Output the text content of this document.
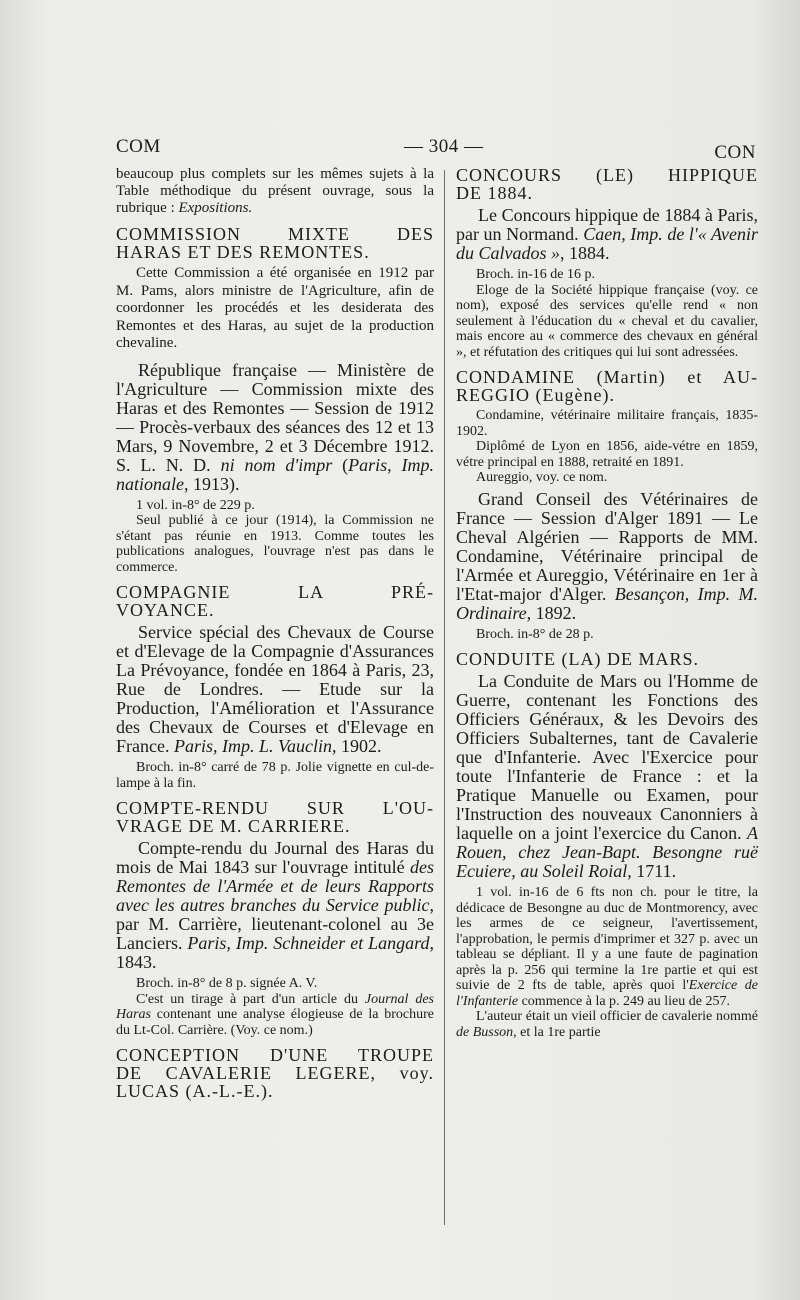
COM	— 304 —	CON

beaucoup plus complets sur les mêmes sujets à la Table méthodique du présent ouvrage, sous la rubrique : Expositions.

COMMISSION MIXTE DES

HARAS ET DES REMONTES.

Cette Commission a été organisée en 1912 par M. Pams, alors ministre de l'Agriculture, afin de coordonner les procédés et les desiderata des Remontes et des Haras, au sujet de la production chevaline.

République française — Ministère de l'Agriculture — Commission mixte des Haras et des Remontes — Session de 1912 — Procès-verbaux des séances des 12 et 13 Mars, 9 Novembre, 2 et 3 Décembre 1912. S. L. N. D. ni nom d'impr (Paris, Imp. nationale, 1913).

1 vol. in-8° de 229 p.

Seul publié à ce jour (1914), la Commission ne s'étant pas réunie en 1913. Comme toutes les publications analogues, l'ouvrage n'est pas dans le commerce.

COMPAGNIE LA PRÉ-

VOYANCE.

Service spécial des Chevaux de Course et d'Elevage de la Compagnie d'Assurances La Prévoyance, fondée en 1864 à Paris, 23, Rue de Londres. — Etude sur la Production, l'Amélioration et l'Assurance des Chevaux de Courses et d'Elevage en France. Paris, Imp. L. Vauclin, 1902.

Broch. in-8° carré de 78 p. Jolie vignette en cul-de-lampe à la fin.

COMPTE-RENDU SUR L'OU-

VRAGE DE M. CARRIERE.

Compte-rendu du Journal des Haras du mois de Mai 1843 sur l'ouvrage intitulé des Remontes de l'Armée et de leurs Rapports avec les autres branches du Service public, par M. Carrière, lieutenant-colonel au 3e Lanciers. Paris, Imp. Schneider et Langard, 1843.

Broch. in-8° de 8 p. signée A. V.

C'est un tirage à part d'un article du Journal des Haras contenant une analyse élogieuse de la brochure du Lt-Col. Carrière. (Voy. ce nom.)

CONCEPTION D'UNE TROUPE

DE CAVALERIE LEGERE, voy.

LUCAS (A.-L.-E.).

CONCOURS (LE) HIPPIQUE

DE 1884.

Le Concours hippique de 1884 à Paris, par un Normand. Caen, Imp. de l'« Avenir du Calvados », 1884.

Broch. in-16 de 16 p.

Eloge de la Société hippique française (voy. ce nom), exposé des services qu'elle rend « non seulement à l'éducation du « cheval et du cavalier, mais encore au « commerce des chevaux en général », et réfutation des critiques qui lui sont adressées.

CONDAMINE (Martin) et AU-

REGGIO (Eugène).

Condamine, vétérinaire militaire français, 1835-1902.

Diplômé de Lyon en 1856, aide-vétre en 1859, vétre principal en 1888, retraité en 1891.

Aureggio, voy. ce nom.

Grand Conseil des Vétérinaires de France — Session d'Alger 1891 — Le Cheval Algérien — Rapports de MM. Condamine, Vétérinaire principal de l'Armée et Aureggio, Vétérinaire en 1er à l'Etat-major d'Alger. Besançon, Imp. M. Ordinaire, 1892.

Broch. in-8° de 28 p.

CONDUITE (LA) DE MARS.

La Conduite de Mars ou l'Homme de Guerre, contenant les Fonctions des Officiers Généraux, & les Devoirs des Officiers Subalternes, tant de Cavalerie que d'Infanterie. Avec l'Exercice pour toute l'Infanterie de France : et la Pratique Manuelle ou Examen, pour l'Instruction des nouveaux Canonniers à laquelle on a joint l'exercice du Canon. A Rouen, chez Jean-Bapt. Besongne ruë Ecuiere, au Soleil Roial, 1711.

1 vol. in-16 de 6 fts non ch. pour le titre, la dédicace de Besongne au duc de Montmorency, avec les armes de ce seigneur, l'avertissement, l'approbation, le permis d'imprimer et 327 p. avec un tableau se dépliant. Il y a une faute de pagination après la p. 256 qui termine la 1re partie et qui est suivie de 2 fts de table, après quoi l'Exercice de l'Infanterie commence à la p. 249 au lieu de 257.

L'auteur était un vieil officier de cavalerie nommé de Busson, et la 1re partie
